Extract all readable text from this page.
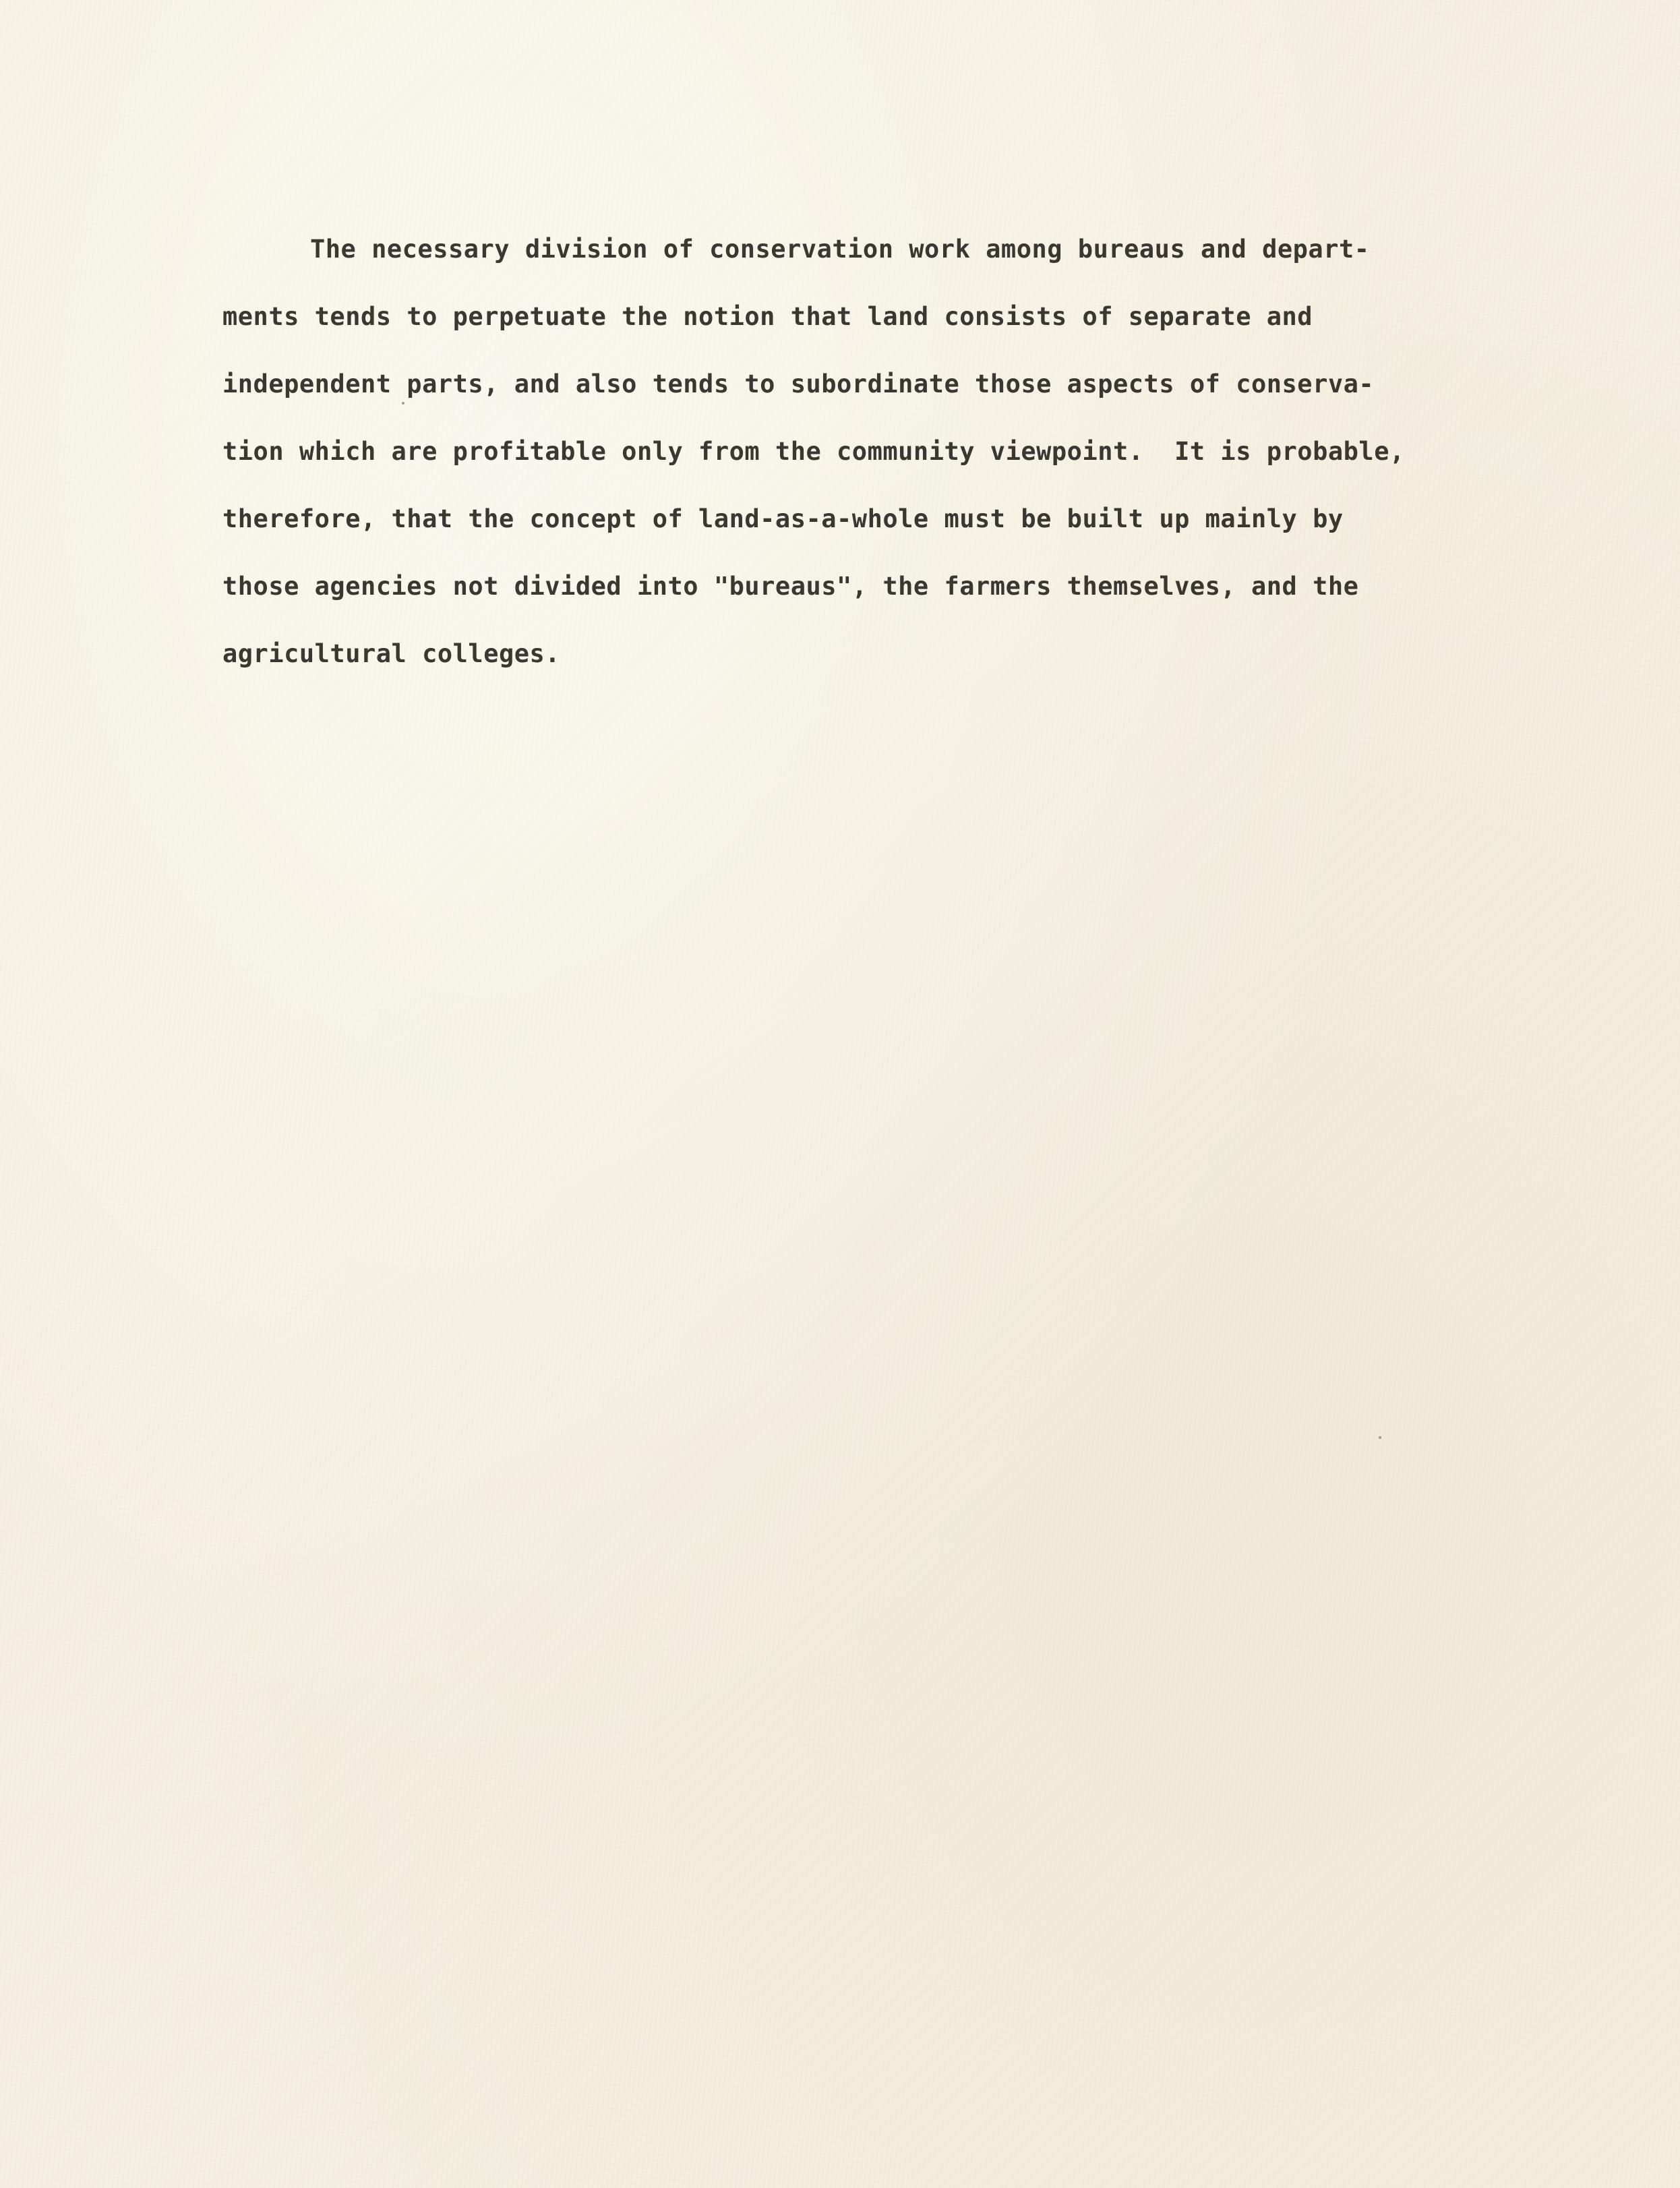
The necessary division of conservation work among bureaus and depart-
ments tends to perpetuate the notion that land consists of separate and
independent parts, and also tends to subordinate those aspects of conserva-
tion which are profitable only from the community viewpoint.  It is probable,
therefore, that the concept of land-as-a-whole must be built up mainly by
those agencies not divided into "bureaus", the farmers themselves, and the
agricultural colleges.
